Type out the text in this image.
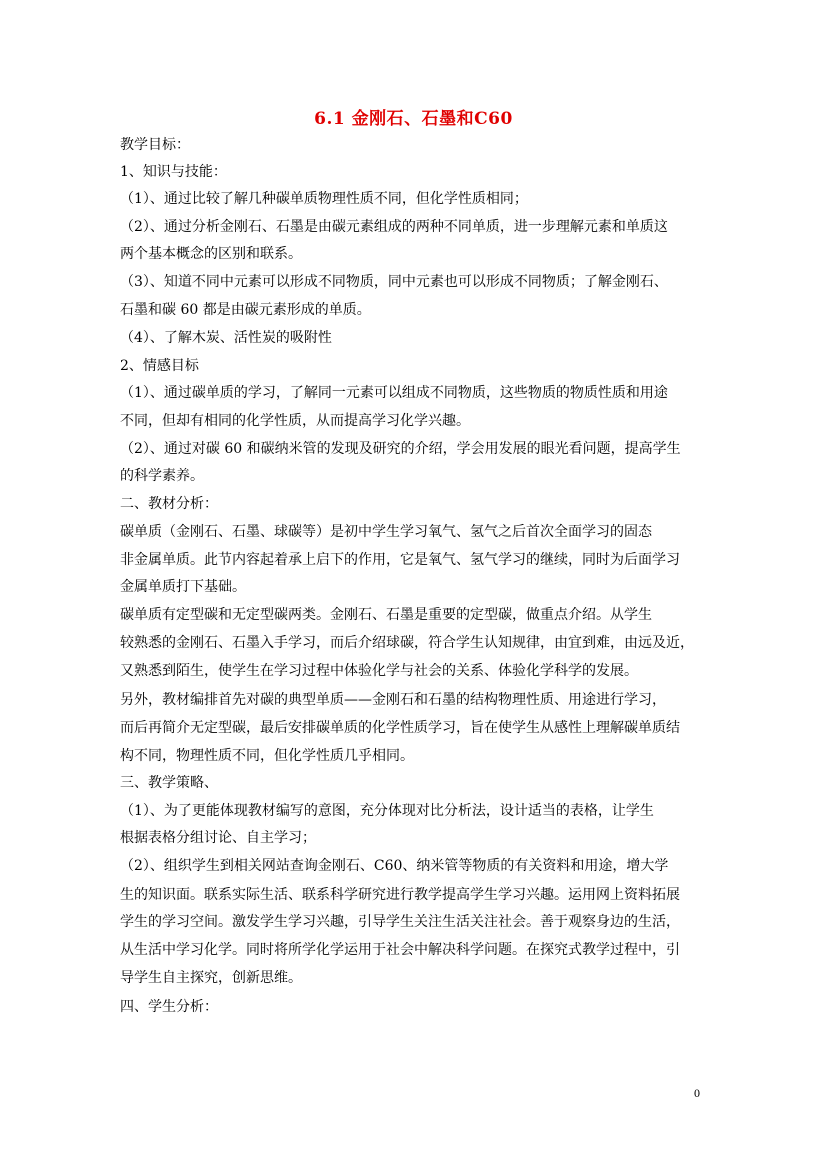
6.1 金刚石、石墨和C60
教学目标：
1、知识与技能：
（1）、通过比较了解几种碳单质物理性质不同，但化学性质相同；
（2）、通过分析金刚石、石墨是由碳元素组成的两种不同单质，进一步理解元素和单质这
两个基本概念的区别和联系。
（3）、知道不同中元素可以形成不同物质，同中元素也可以形成不同物质；了解金刚石、
石墨和碳 60 都是由碳元素形成的单质。
（4）、了解木炭、活性炭的吸附性
2、情感目标
（1）、通过碳单质的学习，了解同一元素可以组成不同物质，这些物质的物质性质和用途
不同，但却有相同的化学性质，从而提高学习化学兴趣。
（2）、通过对碳 60 和碳纳米管的发现及研究的介绍，学会用发展的眼光看问题，提高学生
的科学素养。
二、教材分析：
碳单质（金刚石、石墨、球碳等）是初中学生学习氧气、氢气之后首次全面学习的固态
非金属单质。此节内容起着承上启下的作用，它是氧气、氢气学习的继续，同时为后面学习
金属单质打下基础。
碳单质有定型碳和无定型碳两类。金刚石、石墨是重要的定型碳，做重点介绍。从学生
较熟悉的金刚石、石墨入手学习，而后介绍球碳，符合学生认知规律，由宜到难，由远及近，
又熟悉到陌生，使学生在学习过程中体验化学与社会的关系、体验化学科学的发展。
另外，教材编排首先对碳的典型单质——金刚石和石墨的结构物理性质、用途进行学习，
而后再简介无定型碳，最后安排碳单质的化学性质学习，旨在使学生从感性上理解碳单质结
构不同，物理性质不同，但化学性质几乎相同。
三、教学策略、
（1）、为了更能体现教材编写的意图，充分体现对比分析法，设计适当的表格，让学生
根据表格分组讨论、自主学习；
（2）、组织学生到相关网站查询金刚石、C60、纳米管等物质的有关资料和用途，增大学
生的知识面。联系实际生活、联系科学研究进行教学提高学生学习兴趣。运用网上资料拓展
学生的学习空间。激发学生学习兴趣，引导学生关注生活关注社会。善于观察身边的生活，
从生活中学习化学。同时将所学化学运用于社会中解决科学问题。在探究式教学过程中，引
导学生自主探究，创新思维。
四、学生分析：
0
